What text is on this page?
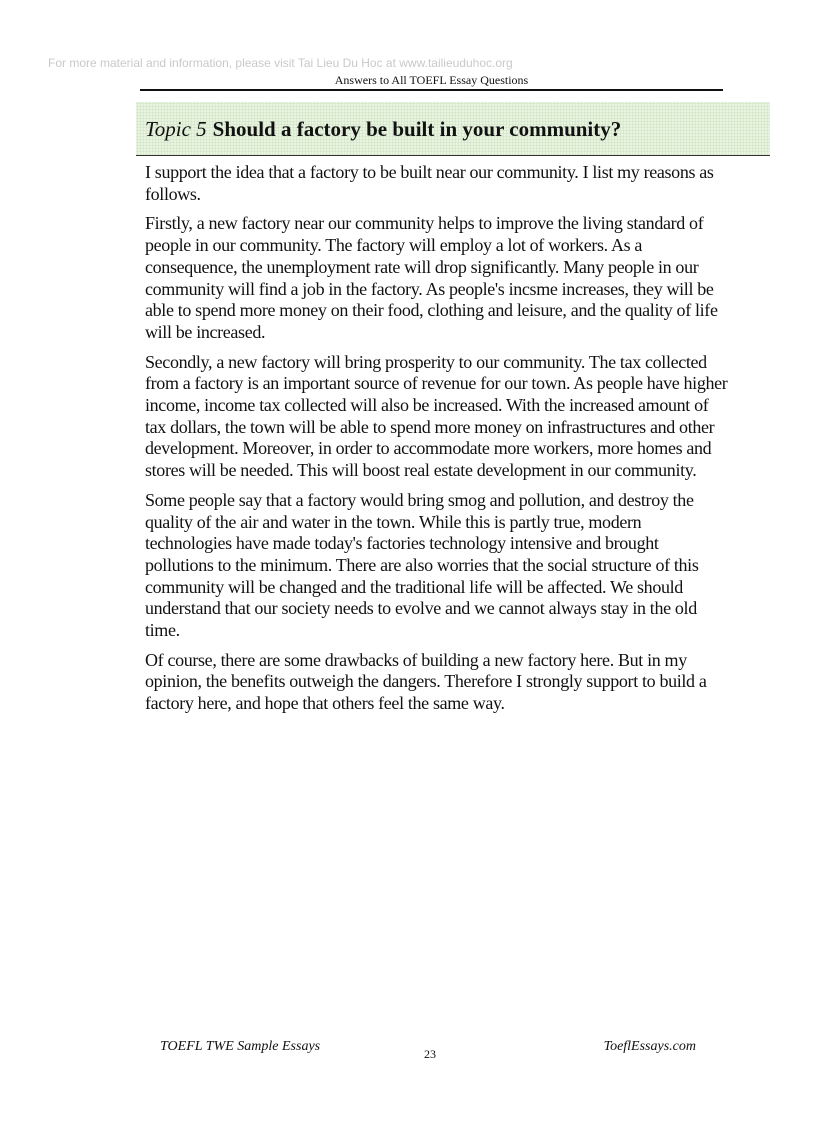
For more material and information, please visit Tai Lieu Du Hoc at www.tailieuduhoc.org
Answers to All TOEFL Essay Questions
Topic 5 Should a factory be built in your community?

I support the idea that a factory to be built near our community. I list my reasons as follows.

Firstly, a new factory near our community helps to improve the living standard of people in our community. The factory will employ a lot of workers. As a consequence, the unemployment rate will drop significantly. Many people in our community will find a job in the factory. As people's incsme increases, they will be able to spend more money on their food, clothing and leisure, and the quality of life will be increased.

Secondly, a new factory will bring prosperity to our community. The tax collected from a factory is an important source of revenue for our town. As people have higher income, income tax collected will also be increased. With the increased amount of tax dollars, the town will be able to spend more money on infrastructures and other development. Moreover, in order to accommodate more workers, more homes and stores will be needed. This will boost real estate development in our community.

Some people say that a factory would bring smog and pollution, and destroy the quality of the air and water in the town. While this is partly true, modern technologies have made today's factories technology intensive and brought pollutions to the minimum. There are also worries that the social structure of this community will be changed and the traditional life will be affected. We should understand that our society needs to evolve and we cannot always stay in the old time.

Of course, there are some drawbacks of building a new factory here. But in my opinion, the benefits outweigh the dangers. Therefore I strongly support to build a factory here, and hope that others feel the same way.

TOEFL TWE Sample Essays	23	ToeflEssays.com
